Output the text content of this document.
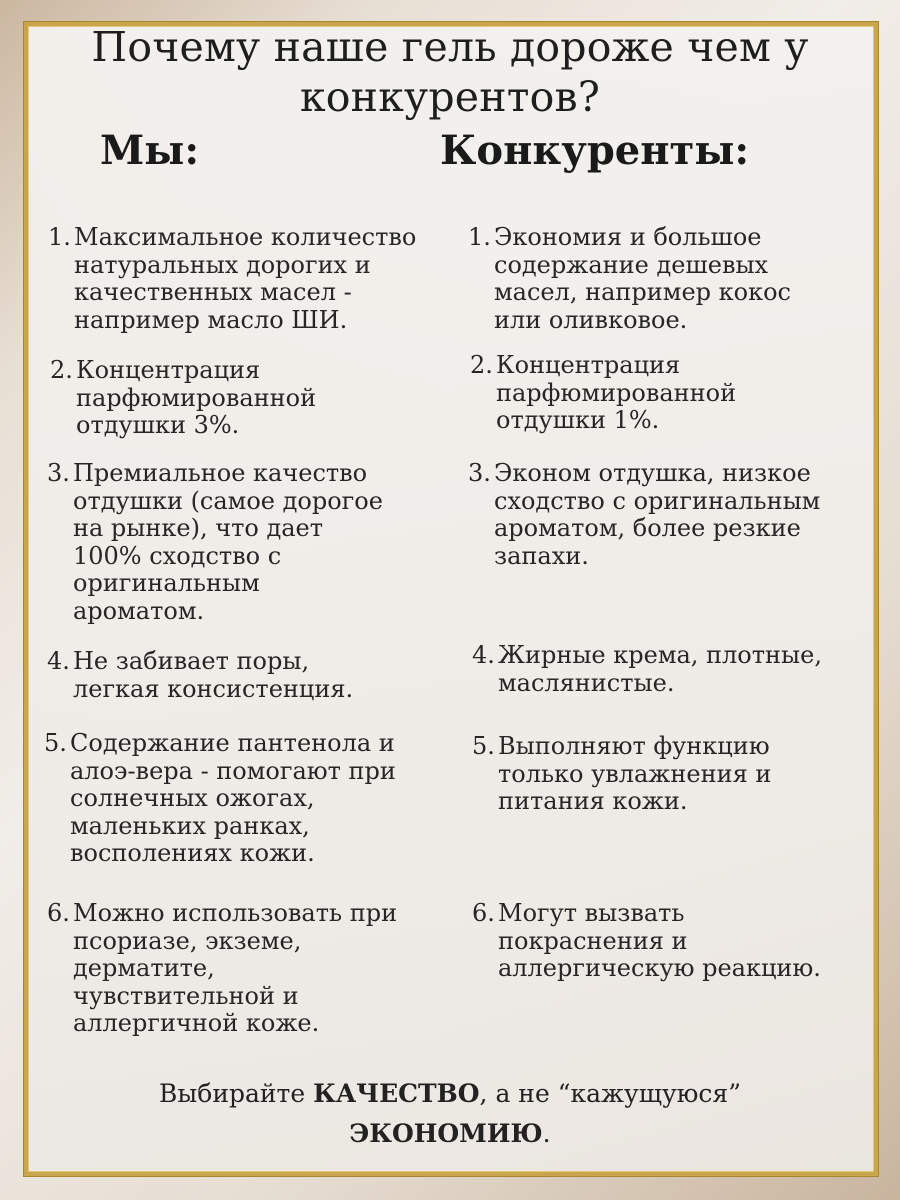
Почему наше гель дороже чем у
конкурентов?
Мы:	Конкуренты:
1. Максимальное количество
натуральных дорогих и
качественных масел -
например масло ШИ.
2. Концентрация
парфюмированной
отдушки 3%.
3. Премиальное качество
отдушки (самое дорогое
на рынке), что дает
100% сходство с
оригинальным
ароматом.
4. Не забивает поры,
легкая консистенция.
5. Содержание пантенола и
алоэ-вера - помогают при
солнечных ожогах,
маленьких ранках,
восполениях кожи.
6. Можно использовать при
псориазе, экземе,
дерматите,
чувствительной и
аллергичной коже.
1. Экономия и большое
содержание дешевых
масел, например кокос
или оливковое.
2. Концентрация
парфюмированной
отдушки 1%.
3. Эконом отдушка, низкое
сходство с оригинальным
ароматом, более резкие
запахи.
4. Жирные крема, плотные,
маслянистые.
5. Выполняют функцию
только увлажнения и
питания кожи.
6. Могут вызвать
покраснения и
аллергическую реакцию.
Выбирайте КАЧЕСТВО, а не “кажущуюся”
ЭКОНОМИЮ.
